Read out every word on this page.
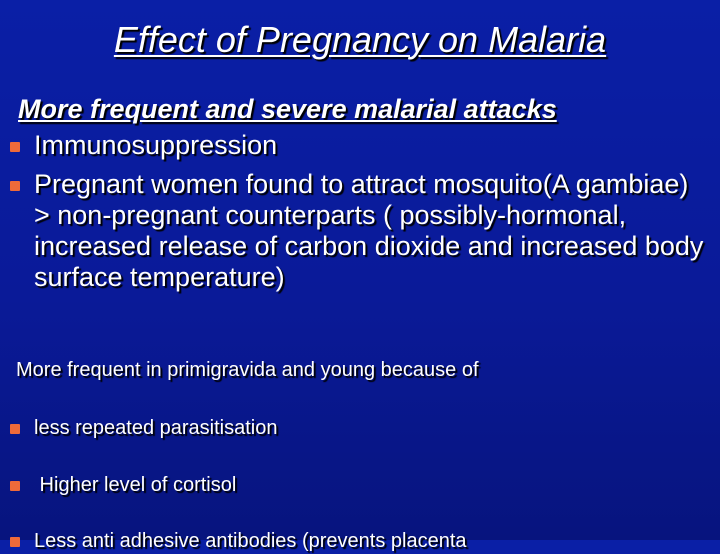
Effect of Pregnancy on Malaria
More frequent and severe malarial attacks
Immunosuppression
Pregnant women found to attract mosquito(A gambiae) > non-pregnant counterparts ( possibly-hormonal, increased release of carbon dioxide and increased body surface temperature)
More frequent in primigravida and young because of
less repeated parasitisation
Higher level of cortisol
Less anti adhesive antibodies (prevents placenta
